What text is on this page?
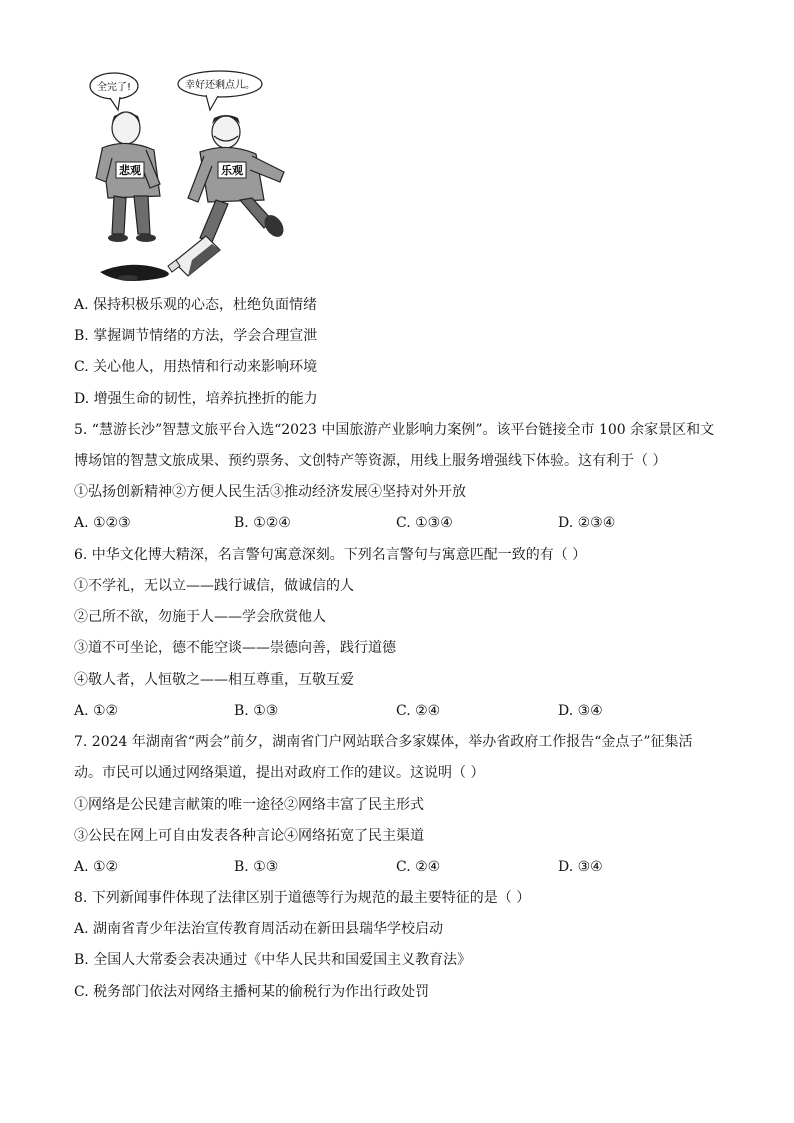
全完了!	幸好还剩点儿。
悲观	乐观
A. 保持积极乐观的心态，杜绝负面情绪
B. 掌握调节情绪的方法，学会合理宣泄
C. 关心他人，用热情和行动来影响环境
D. 增强生命的韧性，培养抗挫折的能力
5. “慧游长沙”智慧文旅平台入选“2023 中国旅游产业影响力案例”。该平台链接全市 100 余家景区和文
博场馆的智慧文旅成果、预约票务、文创特产等资源，用线上服务增强线下体验。这有利于（ ）
①弘扬创新精神②方便人民生活③推动经济发展④坚持对外开放
A. ①②③	B. ①②④	C. ①③④	D. ②③④
6. 中华文化博大精深，名言警句寓意深刻。下列名言警句与寓意匹配一致的有（ ）
①不学礼，无以立——践行诚信，做诚信的人
②己所不欲，勿施于人——学会欣赏他人
③道不可坐论，德不能空谈——崇德向善，践行道德
④敬人者，人恒敬之——相互尊重，互敬互爱
A. ①②	B. ①③	C. ②④	D. ③④
7. 2024 年湖南省“两会”前夕，湖南省门户网站联合多家媒体，举办省政府工作报告“金点子”征集活
动。市民可以通过网络渠道，提出对政府工作的建议。这说明（ ）
①网络是公民建言献策的唯一途径②网络丰富了民主形式
③公民在网上可自由发表各种言论④网络拓宽了民主渠道
A. ①②	B. ①③	C. ②④	D. ③④
8. 下列新闻事件体现了法律区别于道德等行为规范的最主要特征的是（ ）
A. 湖南省青少年法治宣传教育周活动在新田县瑞华学校启动
B. 全国人大常委会表决通过《中华人民共和国爱国主义教育法》
C. 税务部门依法对网络主播柯某的偷税行为作出行政处罚
